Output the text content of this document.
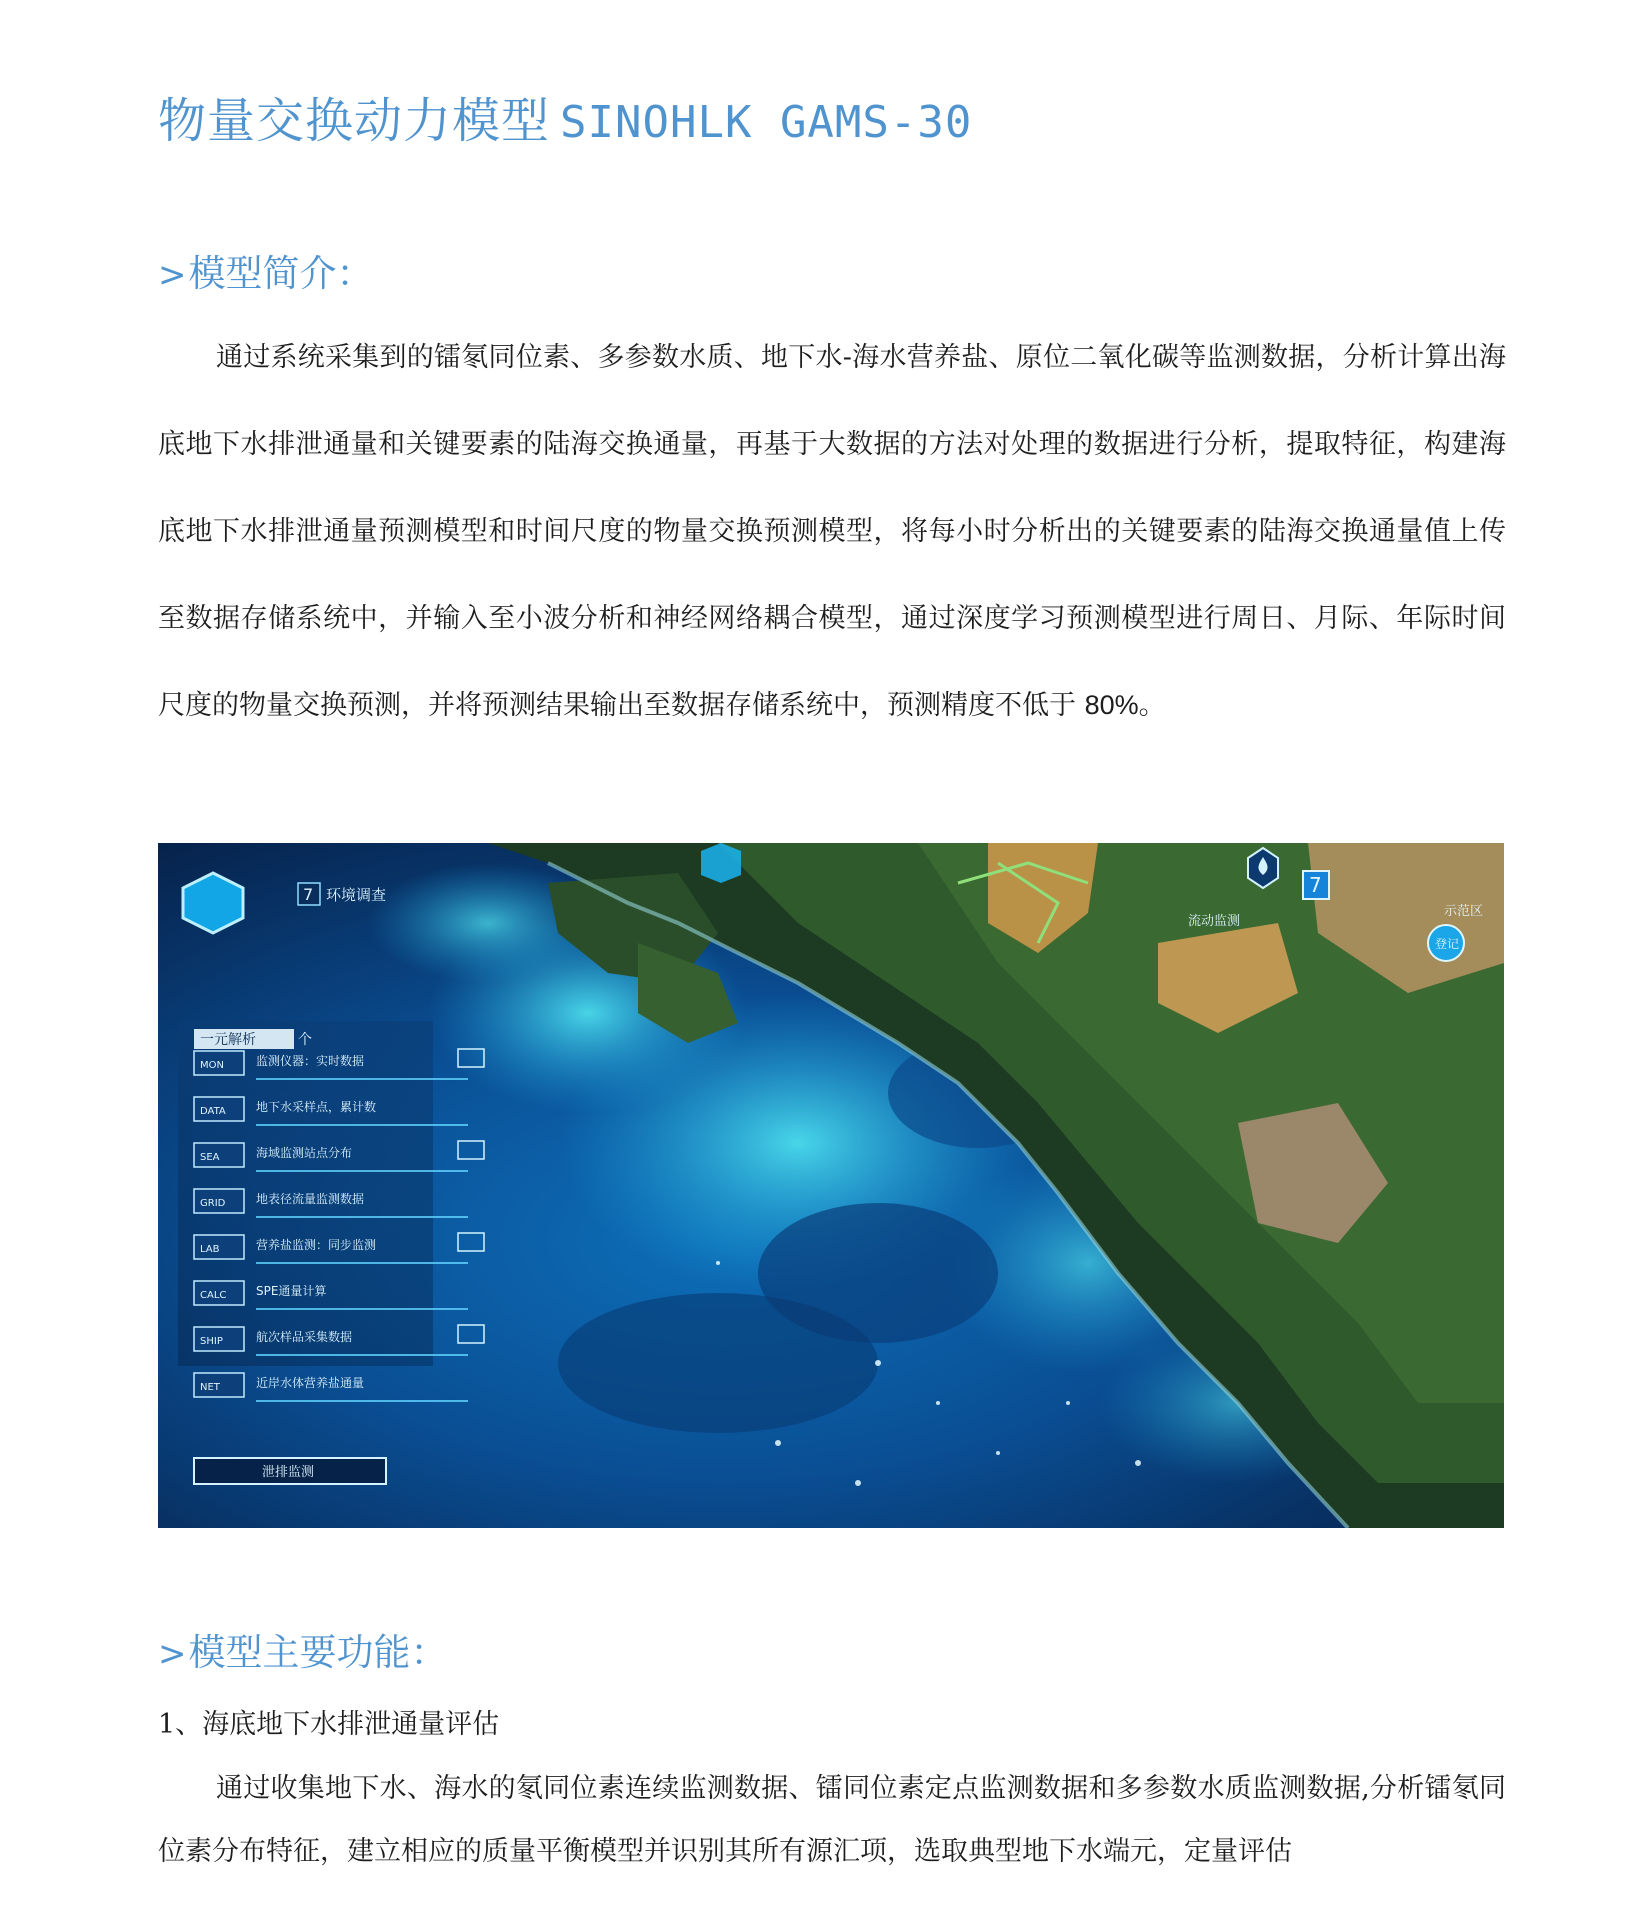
物量交换动力模型 SINOHLK GAMS-30
>模型简介：

通过系统采集到的镭氡同位素、多参数水质、地下水-海水营养盐、原位二氧化碳等监测数据，分析计算出海底地下水排泄通量和关键要素的陆海交换通量，再基于大数据的方法对处理的数据进行分析，提取特征，构建海底地下水排泄通量预测模型和时间尺度的物量交换预测模型，将每小时分析出的关键要素的陆海交换通量值上传至数据存储系统中，并输入至小波分析和神经网络耦合模型，通过深度学习预测模型进行周日、月际、年际时间尺度的物量交换预测，并将预测结果输出至数据存储系统中，预测精度不低于 80%。

7 环境调查	7
登记
流动监测
示范区
一元解析	个
MON	监测仪器：实时数据
DATA	地下水采样点，累计数
SEA	海域监测站点分布
GRID	地表径流量监测数据
LAB	营养盐监测：同步监测
CALC SPE通量计算
SHIP	航次样品采集数据
NET	近岸水体营养盐通量
泄排监测
>模型主要功能：
1、海底地下水排泄通量评估

通过收集地下水、海水的氡同位素连续监测数据、镭同位素定点监测数据和多参数水质监测数据,分析镭氡同位素分布特征，建立相应的质量平衡模型并识别其所有源汇项，选取典型地下水端元，定量评估
